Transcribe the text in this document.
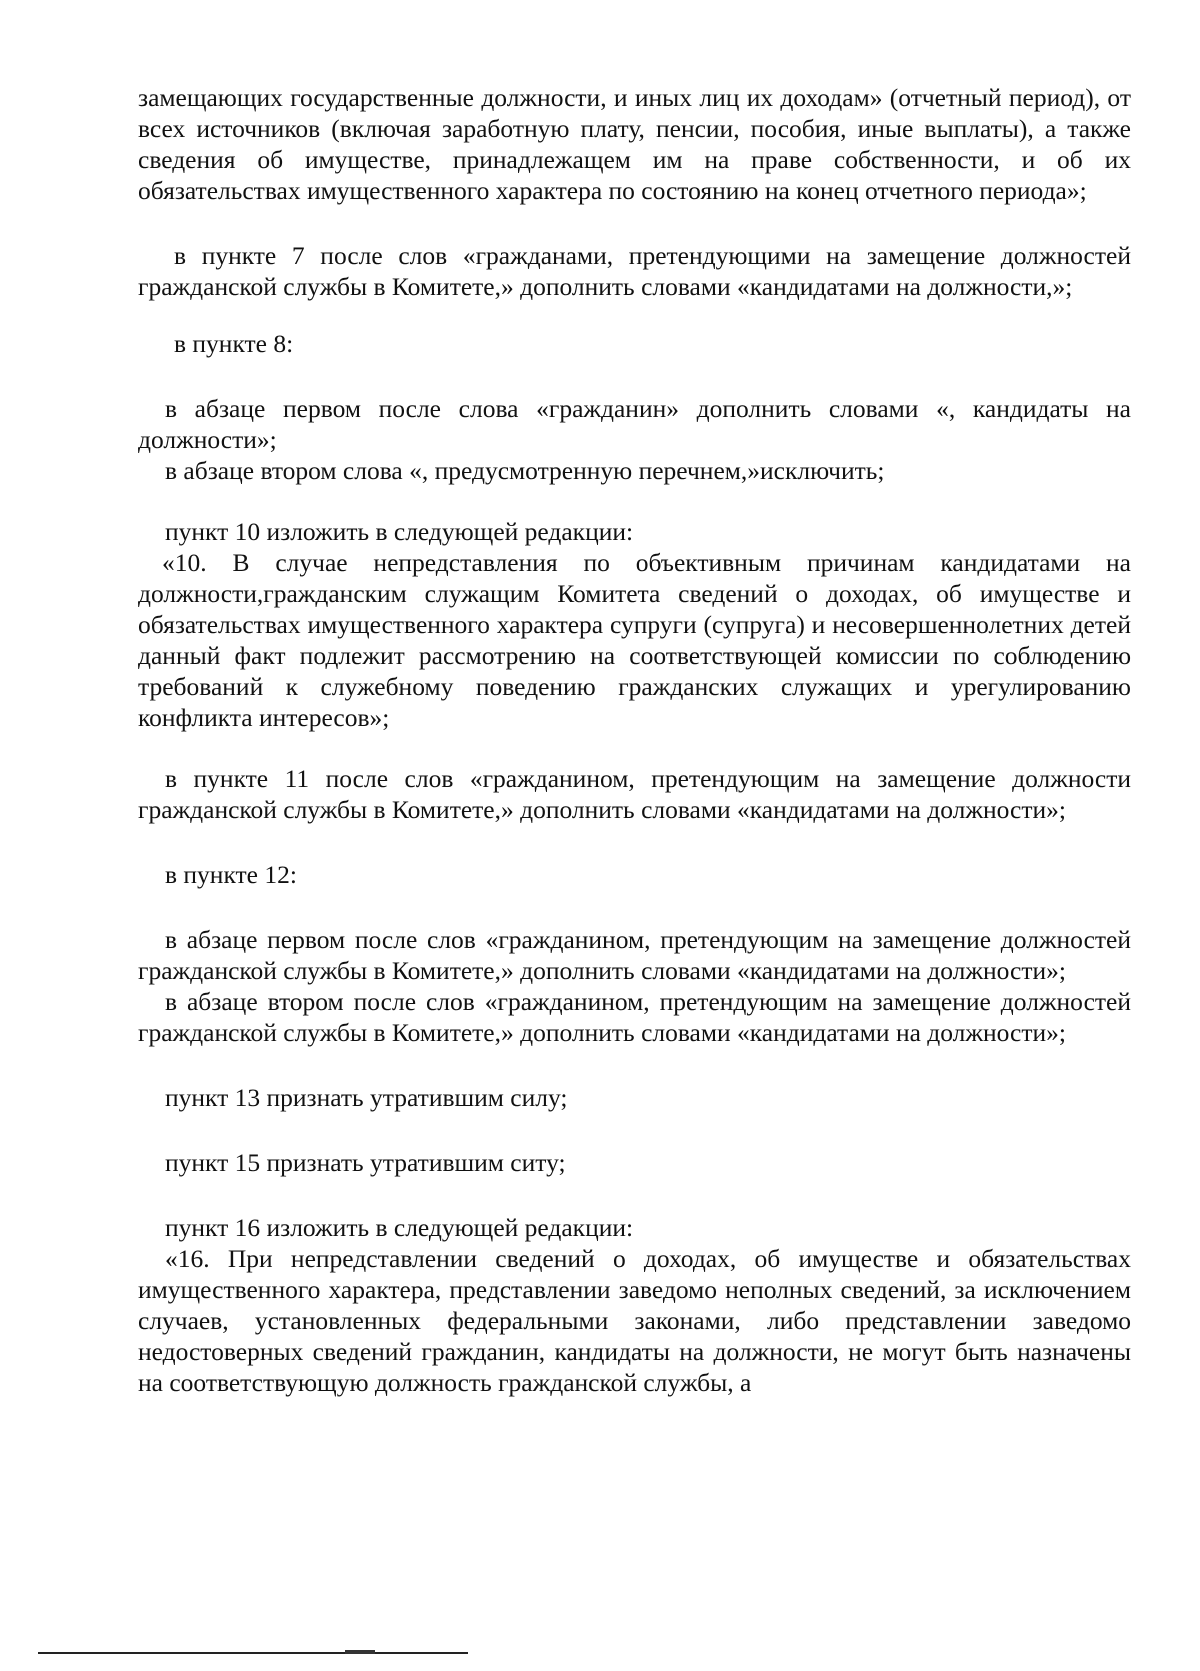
замещающих государственные должности, и иных лиц их доходам» (отчетный период), от всех источников (включая заработную плату, пенсии, пособия, иные выплаты), а также сведения об имуществе, принадлежащем им на праве собственности, и об их обязательствах имущественного характера по состоянию на конец отчетного периода»;

в пункте 7 после слов «гражданами, претендующими на замещение должностей гражданской службы в Комитете,» дополнить словами «кандидатами на должности,»;

в пункте 8:

в абзаце первом после слова «гражданин» дополнить словами «, кандидаты на должности»;

в абзаце втором слова «, предусмотренную перечнем,»исключить;

пункт 10 изложить в следующей редакции:

«10. В случае непредставления по объективным причинам кандидатами на должности,гражданским служащим Комитета сведений о доходах, об имуществе и обязательствах имущественного характера супруги (супруга) и несовершеннолетних детей данный факт подлежит рассмотрению на соответствующей комиссии по соблюдению требований к служебному поведению гражданских служащих и урегулированию конфликта интересов»;

в пункте 11 после слов «гражданином, претендующим на замещение должности гражданской службы в Комитете,» дополнить словами «кандидатами на должности»;

в пункте 12:

в абзаце первом после слов «гражданином, претендующим на замещение должностей гражданской службы в Комитете,» дополнить словами «кандидатами на должности»;

в абзаце втором после слов «гражданином, претендующим на замещение должностей гражданской службы в Комитете,» дополнить словами «кандидатами на должности»;

пункт 13 признать утратившим силу;

пункт 15 признать утратившим ситу;

пункт 16 изложить в следующей редакции:

«16. При непредставлении сведений о доходах, об имуществе и обязательствах имущественного характера, представлении заведомо неполных сведений, за исключением случаев, установленных федеральными законами, либо представлении заведомо недостоверных сведений гражданин, кандидаты на должности, не могут быть назначены на соответствующую должность гражданской службы, а
